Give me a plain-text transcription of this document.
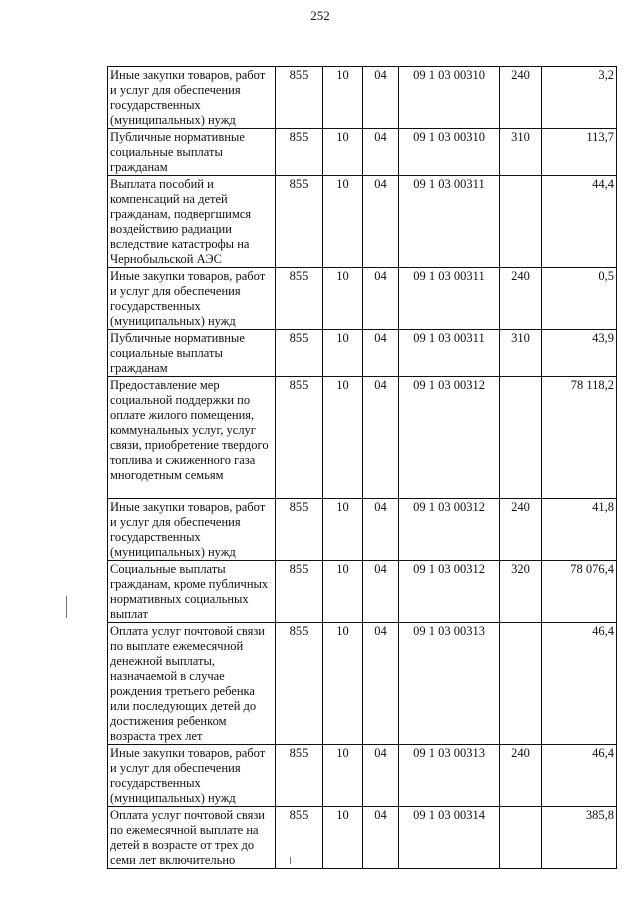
252
Иные закупки товаров, работ и услуг для обеспечения государственных (муниципальных) нужд	855	10	04	09 1 03 00310	240	3,2
Публичные нормативные социальные выплаты гражданам	855	10	04	09 1 03 00310	310	113,7
Выплата пособий и компенсаций на детей гражданам, подвергшимся воздействию радиации вследствие катастрофы на Чернобыльской АЭС	855	10	04	09 1 03 00311		44,4
Иные закупки товаров, работ и услуг для обеспечения государственных (муниципальных) нужд	855	10	04	09 1 03 00311	240	0,5
Публичные нормативные социальные выплаты гражданам	855	10	04	09 1 03 00311	310	43,9
Предоставление мер социальной поддержки по оплате жилого помещения, коммунальных услуг, услуг связи, приобретение твердого топлива и сжиженного газа многодетным семьям	855	10	04	09 1 03 00312		78 118,2
Иные закупки товаров, работ и услуг для обеспечения государственных (муниципальных) нужд	855	10	04	09 1 03 00312	240	41,8
Социальные выплаты гражданам, кроме публичных нормативных социальных выплат	855	10	04	09 1 03 00312	320	78 076,4
Оплата услуг почтовой связи по выплате ежемесячной денежной выплаты, назначаемой в случае рождения третьего ребенка или последующих детей до достижения ребенком возраста трех лет	855	10	04	09 1 03 00313		46,4
Иные закупки товаров, работ и услуг для обеспечения государственных (муниципальных) нужд	855	10	04	09 1 03 00313	240	46,4
Оплата услуг почтовой связи по ежемесячной выплате на детей в возрасте от трех до семи лет включительно	855	10	04	09 1 03 00314		385,8
